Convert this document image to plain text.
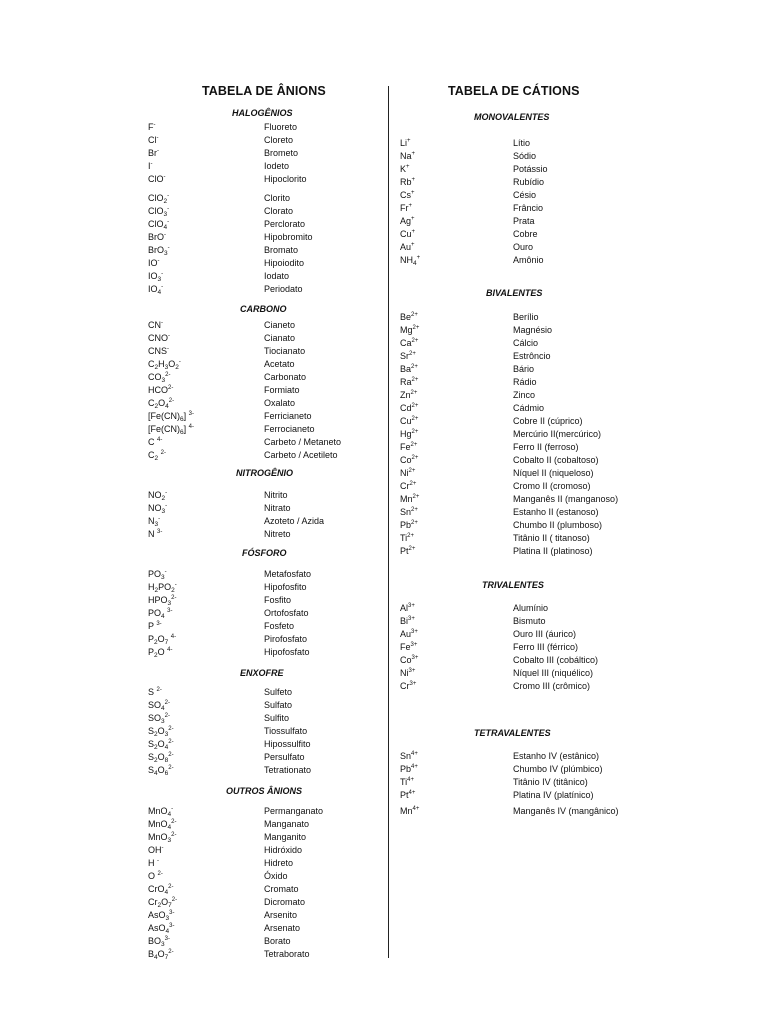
TABELA DE ÂNIONS
HALOGÊNIOS
F-	Fluoreto
Cl-	Cloreto
Br-	Brometo
I-	Iodeto
ClO-	Hipoclorito
ClO$_2$-	Clorito
ClO$_3$-	Clorato
ClO$_4$-	Perclorato
BrO-	Hipobromito
BrO$_3$-	Bromato
IO-	Hipoiodito
$IO_3^-$	Iodato
$IO_4^-$	Periodato
CARBONO
CN-	Cianeto
CNO-	Cianato
CNS-	Tiocianato
$C_2H_3O_2^-$	Acetato
$CO_3^{2-}$	Carbonato
$HCO^{2-}$	Formiato
$C_2O_4^{2-}$	Oxalato
$[Fe(CN)_6]$ $^{3-}$	Ferricianeto
$[Fe(CN)_6]$ $^{4-}$	Ferrocianeto
C $^{4-}$	Carbeto / Metaneto
$C_2$ $^{2-}$	Carbeto / Acetileto
NITROGÊNIO
$NO_2^-$	Nitrito
$NO_3^-$	Nitrato
$N_3^-$	Azoteto / Azida
N $^{3-}$	Nitreto
FÓSFORO
$PO_3^-$	Metafosfato
$H_2PO_2^-$	Hipofosfito
$HPO_3^{2-}$	Fosfito
$PO_4$ $^{3-}$	Ortofosfato
P $^{3-}$	Fosfeto
$P_2O_7$ $^{4-}$	Pirofosfato
$P_2O$ $^{4-}$	Hipofosfato
ENXOFRE
S $^{2-}$	Sulfeto
$SO_4^{2-}$	Sulfato
$SO_3^{2-}$	Sulfito
$S_2O_3^{2-}$	Tiossulfato
$S_2O_4^{2-}$	Hipossulfito
$S_2O_8^{2-}$	Persulfato
$S_4O_6^{2-}$	Tetrationato
OUTROS ÂNIONS
MnO$_4$-	Permanganato
MnO$_4^{2-}$	Manganato
MnO$_3^{2-}$	Manganito
OH-	Hidróxido
H -	Hidreto
O $^{2-}$	Óxido
CrO$_4^{2-}$	Cromato
$Cr_2O_7^{2-}$	Dicromato
AsO$_3^{3-}$	Arsenito
AsO$_4^{3-}$	Arsenato
$BO_3^{3-}$	Borato
$B_4O_7^{2-}$	Tetraborato
TABELA DE CÁTIONS
MONOVALENTES
Li+	Lítio
Na+	Sódio
K+	Potássio
Rb+	Rubídio
Cs+	Césio
Fr+	Frâncio
Ag+	Prata
Cu+	Cobre
Au+	Ouro
$NH_4^+$	Amônio
BIVALENTES
$Be^{2+}$	Berílio
$Mg^{2+}$	Magnésio
$Ca^{2+}$	Cálcio
$Sr^{2+}$	Estrôncio
$Ba^{2+}$	Bário
$Ra^{2+}$	Rádio
$Zn^{2+}$	Zinco
$Cd^{2+}$	Cádmio
$Cu^{2+}$	Cobre II (cúprico)
$Hg^{2+}$	Mercúrio II(mercúrico)
$Fe^{2+}$	Ferro II (ferroso)
$Co^{2+}$	Cobalto II (cobaltoso)
$Ni^{2+}$	Níquel II (niqueloso)
$Cr^{2+}$	Cromo II (cromoso)
$Mn^{2+}$	Manganês II (manganoso)
$Sn^{2+}$	Estanho II (estanoso)
$Pb^{2+}$	Chumbo II (plumboso)
$Ti^{2+}$	Titânio II ( titanoso)
$Pt^{2+}$	Platina II (platinoso)
TRIVALENTES
$Al^{3+}$	Alumínio
$Bi^{3+}$	Bismuto
$Au^{3+}$	Ouro III (áurico)
$Fe^{3+}$	Ferro III (férrico)
$Co^{3+}$	Cobalto III (cobáltico)
$Ni^{3+}$	Níquel III (niquélico)
$Cr^{3+}$	Cromo III (crômico)
TETRAVALENTES
$Sn^{4+}$	Estanho IV (estânico)
$Pb^{4+}$	Chumbo IV (plúmbico)
$Ti^{4+}$	Titânio IV (titânico)
$Pt^{4+}$	Platina IV (platínico)
$Mn^{4+}$	Manganês IV (mangânico)
